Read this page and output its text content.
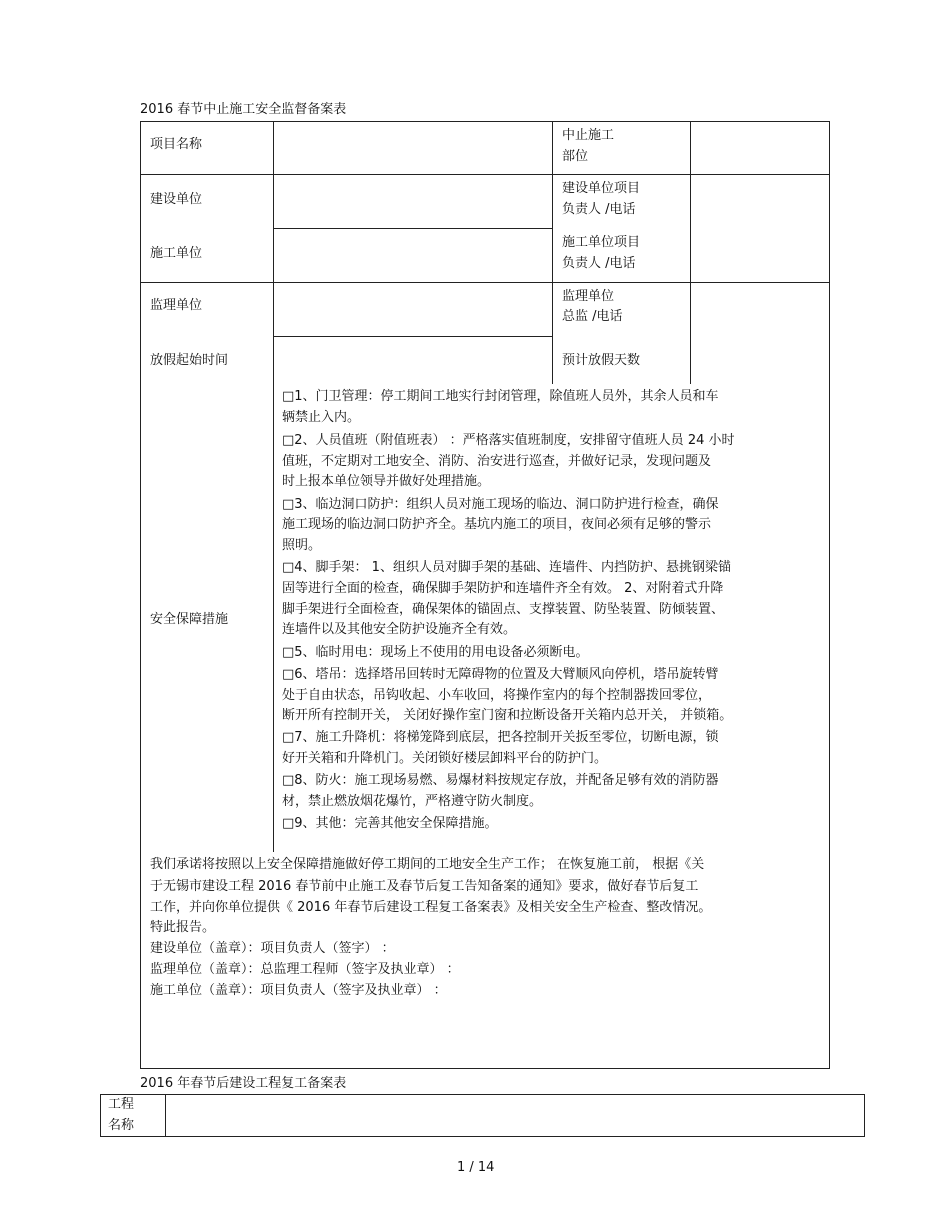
2016 春节中止施工安全监督备案表
项目名称
中止施工
部位
建设单位
建设单位项目
负责人 /电话
施工单位
施工单位项目
负责人 /电话
监理单位
监理单位
总监 /电话
放假起始时间	预计放假天数
安全保障措施
□1、门卫管理：停工期间工地实行封闭管理，除值班人员外，其余人员和车
辆禁止入内。
□2、人员值班（附值班表） ：严格落实值班制度，安排留守值班人员 24 小时
值班，不定期对工地安全、消防、治安进行巡查，并做好记录，发现问题及
时上报本单位领导并做好处理措施。
□3、临边洞口防护：组织人员对施工现场的临边、洞口防护进行检查，确保
施工现场的临边洞口防护齐全。基坑内施工的项目，夜间必须有足够的警示
照明。
□4、脚手架： 1、组织人员对脚手架的基础、连墙件、内挡防护、悬挑钢梁锚
固等进行全面的检查，确保脚手架防护和连墙件齐全有效。 2、对附着式升降
脚手架进行全面检查，确保架体的锚固点、支撑装置、防坠装置、防倾装置、
连墙件以及其他安全防护设施齐全有效。
□5、临时用电：现场上不使用的用电设备必须断电。
□6、塔吊：选择塔吊回转时无障碍物的位置及大臂顺风向停机，塔吊旋转臂
处于自由状态，吊钩收起、小车收回，将操作室内的每个控制器拨回零位，
断开所有控制开关， 关闭好操作室门窗和拉断设备开关箱内总开关， 并锁箱。
□7、施工升降机：将梯笼降到底层，把各控制开关扳至零位，切断电源，锁
好开关箱和升降机门。关闭锁好楼层卸料平台的防护门。
□8、防火：施工现场易燃、易爆材料按规定存放，并配备足够有效的消防器
材，禁止燃放烟花爆竹，严格遵守防火制度。
□9、其他：完善其他安全保障措施。
我们承诺将按照以上安全保障措施做好停工期间的工地安全生产工作； 在恢复施工前， 根据《关
于无锡市建设工程 2016 春节前中止施工及春节后复工告知备案的通知》要求，做好春节后复工
工作，并向你单位提供《 2016 年春节后建设工程复工备案表》及相关安全生产检查、整改情况。
特此报告。
建设单位（盖章）：项目负责人（签字） ：
监理单位（盖章）：总监理工程师（签字及执业章） ：
施工单位（盖章）：项目负责人（签字及执业章） ：
2016 年春节后建设工程复工备案表
工程
名称
1 / 14
